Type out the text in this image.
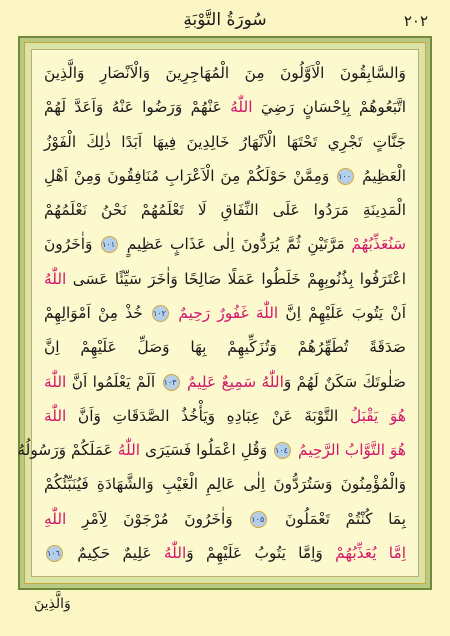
٢٠٢
سُورَةُ التَّوْبَةِ
وَالسَّابِقُونَ الْاَوَّلُونَ مِنَ الْمُهَاجِرِينَ وَالْاَنْصَارِ وَالَّذِينَ
اتَّبَعُوهُمْ بِاِحْسَانٍ رَضِيَ اللّٰهُ عَنْهُمْ وَرَضُوا عَنْهُ وَاَعَدَّ لَهُمْ
جَنَّاتٍ تَجْرِي تَحْتَهَا الْاَنْهَارُ خَالِدِينَ فِيهَا اَبَدًا ذٰلِكَ الْفَوْزُ
الْعَظِيمُ ١٠٠ وَمِمَّنْ حَوْلَكُمْ مِنَ الْاَعْرَابِ مُنَافِقُونَ وَمِنْ اَهْلِ
الْمَدِينَةِ مَرَدُوا عَلَى النِّفَاقِ لَا تَعْلَمُهُمْ نَحْنُ نَعْلَمُهُمْ
سَنُعَذِّبُهُمْ مَرَّتَيْنِ ثُمَّ يُرَدُّونَ اِلٰى عَذَابٍ عَظِيمٍ ١٠١ وَاٰخَرُونَ
اعْتَرَفُوا بِذُنُوبِهِمْ خَلَطُوا عَمَلًا صَالِحًا وَاٰخَرَ سَيِّئًا عَسَى اللّٰهُ
اَنْ يَتُوبَ عَلَيْهِمْ اِنَّ اللّٰهَ غَفُورٌ رَحِيمٌ ١٠٢ خُذْ مِنْ اَمْوَالِهِمْ
صَدَقَةً تُطَهِّرُهُمْ وَتُزَكِّيهِمْ بِهَا وَصَلِّ عَلَيْهِمْ اِنَّ
صَلٰوتَكَ سَكَنٌ لَهُمْ وَاللّٰهُ سَمِيعٌ عَلِيمٌ ١٠٣ اَلَمْ يَعْلَمُوا اَنَّ اللّٰهَ
هُوَ يَقْبَلُ التَّوْبَةَ عَنْ عِبَادِهِ وَيَأْخُذُ الصَّدَقَاتِ وَاَنَّ اللّٰهَ
هُوَ التَّوَّابُ الرَّحِيمُ ١٠٤ وَقُلِ اعْمَلُوا فَسَيَرَى اللّٰهُ عَمَلَكُمْ وَرَسُولُهُ
وَالْمُؤْمِنُونَ وَسَتُرَدُّونَ اِلٰى عَالِمِ الْغَيْبِ وَالشَّهَادَةِ فَيُنَبِّئُكُمْ
بِمَا كُنْتُمْ تَعْمَلُونَ ١٠٥ وَاٰخَرُونَ مُرْجَوْنَ لِاَمْرِ اللّٰهِ
اِمَّا يُعَذِّبُهُمْ وَاِمَّا يَتُوبُ عَلَيْهِمْ وَاللّٰهُ عَلِيمٌ حَكِيمٌ ١٠٦
وَالَّذِينَ
